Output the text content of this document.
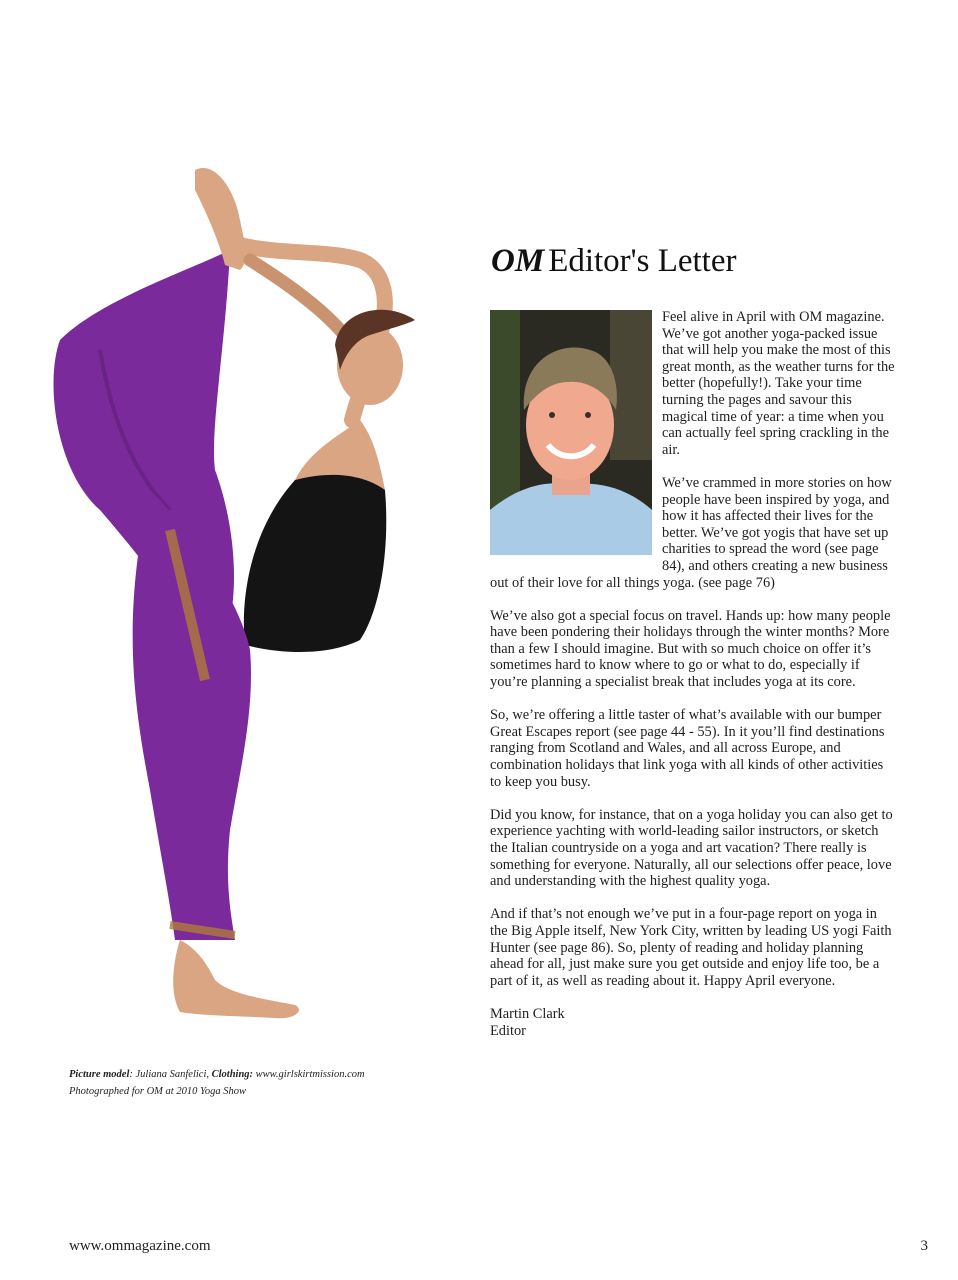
OM Editor's Letter

Feel alive in April with OM magazine. We’ve got another yoga-packed issue that will help you make the most of this great month, as the weather turns for the better (hopefully!). Take your time turning the pages and savour this magical time of year: a time when you can actually feel spring crackling in the air.

We’ve crammed in more stories on how people have been inspired by yoga, and how it has affected their lives for the better. We’ve got yogis that have set up charities to spread the word (see page 84), and others creating a new business out of their love for all things yoga. (see page 76)

We’ve also got a special focus on travel. Hands up: how many people have been pondering their holidays through the winter months? More than a few I should imagine. But with so much choice on offer it’s sometimes hard to know where to go or what to do, especially if you’re planning a specialist break that includes yoga at its core.

So, we’re offering a little taster of what’s available with our bumper Great Escapes report (see page 44 - 55). In it you’ll find destinations ranging from Scotland and Wales, and all across Europe, and combination holidays that link yoga with all kinds of other activities to keep you busy.

Did you know, for instance, that on a yoga holiday you can also get to experience yachting with world-leading sailor instructors, or sketch the Italian countryside on a yoga and art vacation? There really is something for everyone. Naturally, all our selections offer peace, love and understanding with the highest quality yoga.

And if that’s not enough we’ve put in a four-page report on yoga in the Big Apple itself, New York City, written by leading US yogi Faith Hunter (see page 86). So, plenty of reading and holiday planning ahead for all, just make sure you get outside and enjoy life too, be a part of it, as well as reading about it. Happy April everyone.

Martin Clark
Editor
Picture model: Juliana Sanfelici, Clothing: www.girlskirtmission.com
Photographed for OM at 2010 Yoga Show
www.ommagazine.com	3
